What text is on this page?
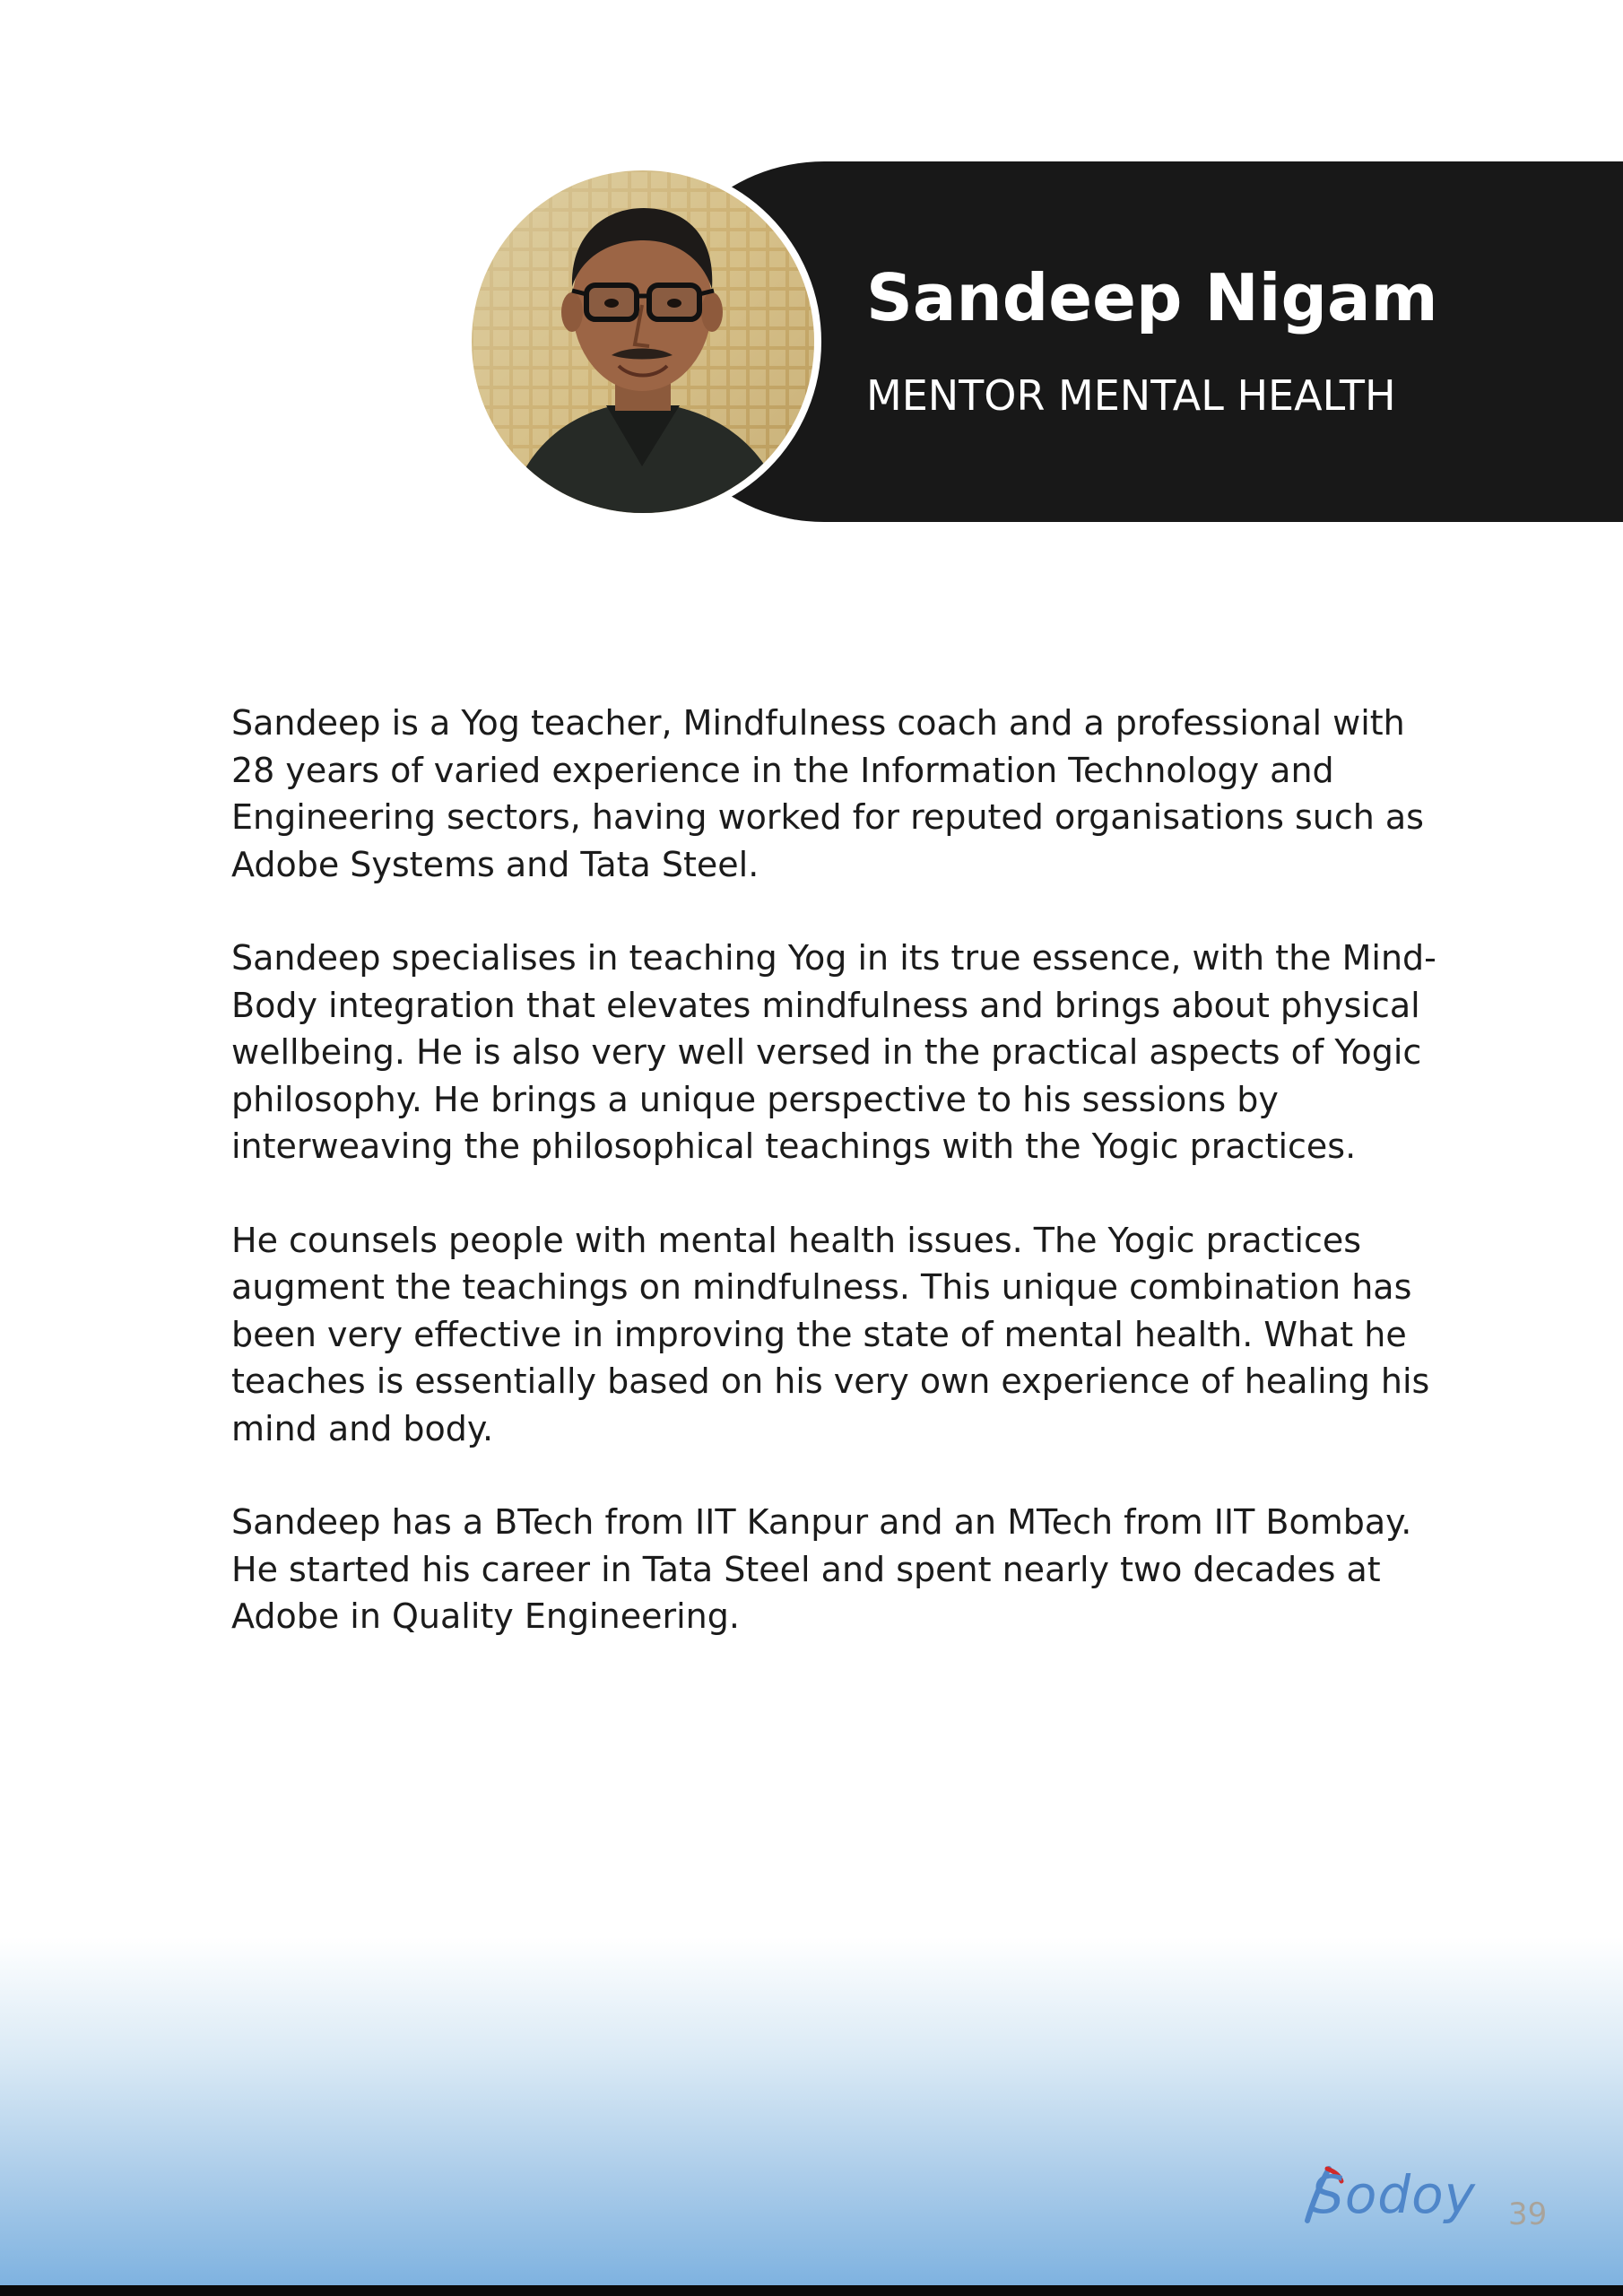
Sandeep Nigam
MENTOR MENTAL HEALTH

Sandeep is a Yog teacher, Mindfulness coach and a professional with 28 years of varied experience in the Information Technology and Engineering sectors, having worked for reputed organisations such as Adobe Systems and Tata Steel.

Sandeep specialises in teaching Yog in its true essence, with the Mind-Body integration that elevates mindfulness and brings about physical wellbeing. He is also very well versed in the practical aspects of Yogic philosophy. He brings a unique perspective to his sessions by interweaving the philosophical teachings with the Yogic practices.

He counsels people with mental health issues. The Yogic practices augment the teachings on mindfulness. This unique combination has been very effective in improving the state of mental health. What he teaches is essentially based on his very own experience of healing his mind and body.

Sandeep has a BTech from IIT Kanpur and an MTech from IIT Bombay. He started his career in Tata Steel and spent nearly two decades at Adobe in Quality Engineering.

Sodoy 39
